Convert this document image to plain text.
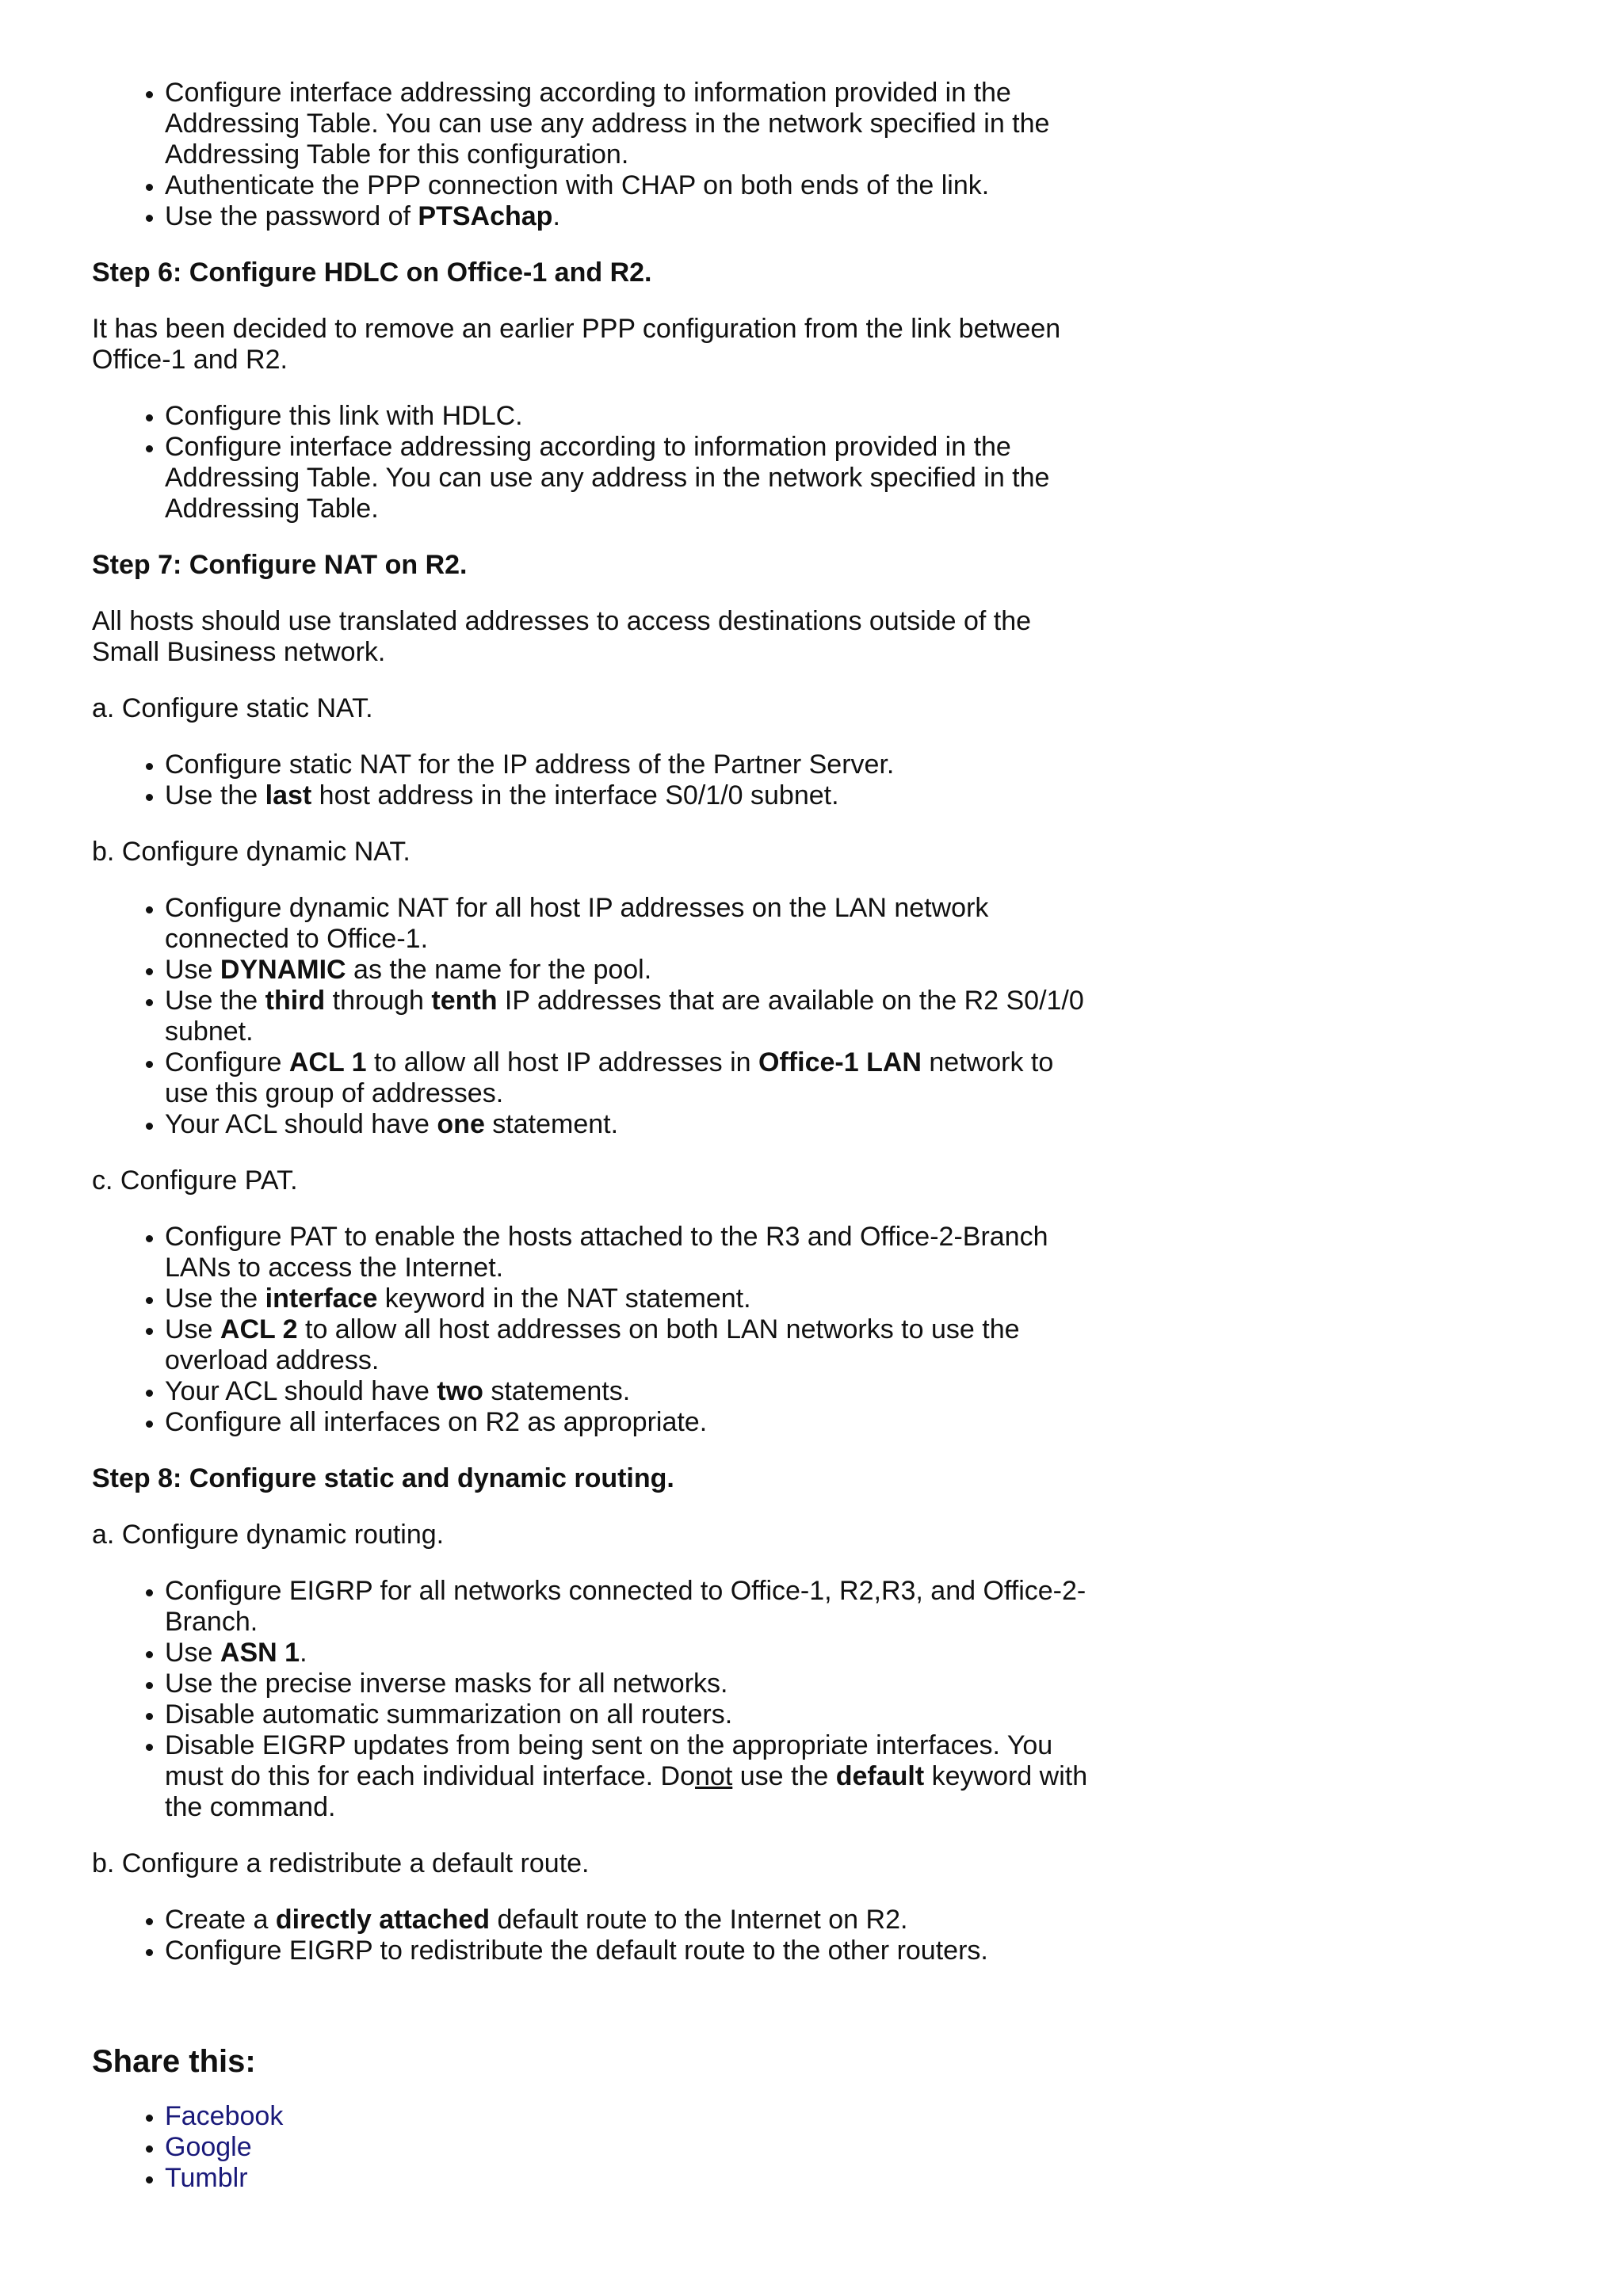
• Configure interface addressing according to information provided in the Addressing Table. You can use any address in the network specified in the Addressing Table for this configuration.
• Authenticate the PPP connection with CHAP on both ends of the link.
• Use the password of PTSAchap.

Step 6: Configure HDLC on Office-1 and R2.

It has been decided to remove an earlier PPP configuration from the link between Office-1 and R2.

• Configure this link with HDLC.
• Configure interface addressing according to information provided in the Addressing Table. You can use any address in the network specified in the Addressing Table.

Step 7: Configure NAT on R2.

All hosts should use translated addresses to access destinations outside of the Small Business network.

a. Configure static NAT.

• Configure static NAT for the IP address of the Partner Server.
• Use the last host address in the interface S0/1/0 subnet.

b. Configure dynamic NAT.

• Configure dynamic NAT for all host IP addresses on the LAN network connected to Office-1.
• Use DYNAMIC as the name for the pool.
• Use the third through tenth IP addresses that are available on the R2 S0/1/0 subnet.
• Configure ACL 1 to allow all host IP addresses in Office-1 LAN network to use this group of addresses.
• Your ACL should have one statement.

c. Configure PAT.

• Configure PAT to enable the hosts attached to the R3 and Office-2-Branch LANs to access the Internet.
• Use the interface keyword in the NAT statement.
• Use ACL 2 to allow all host addresses on both LAN networks to use the overload address.
• Your ACL should have two statements.
• Configure all interfaces on R2 as appropriate.

Step 8: Configure static and dynamic routing.

a. Configure dynamic routing.

• Configure EIGRP for all networks connected to Office-1, R2,R3, and Office-2-Branch.
• Use ASN 1.
• Use the precise inverse masks for all networks.
• Disable automatic summarization on all routers.
• Disable EIGRP updates from being sent on the appropriate interfaces. You must do this for each individual interface. Donot use the default keyword with the command.

b. Configure a redistribute a default route.

• Create a directly attached default route to the Internet on R2.
• Configure EIGRP to redistribute the default route to the other routers.
Share this:
• Facebook
• Google
• Tumblr
